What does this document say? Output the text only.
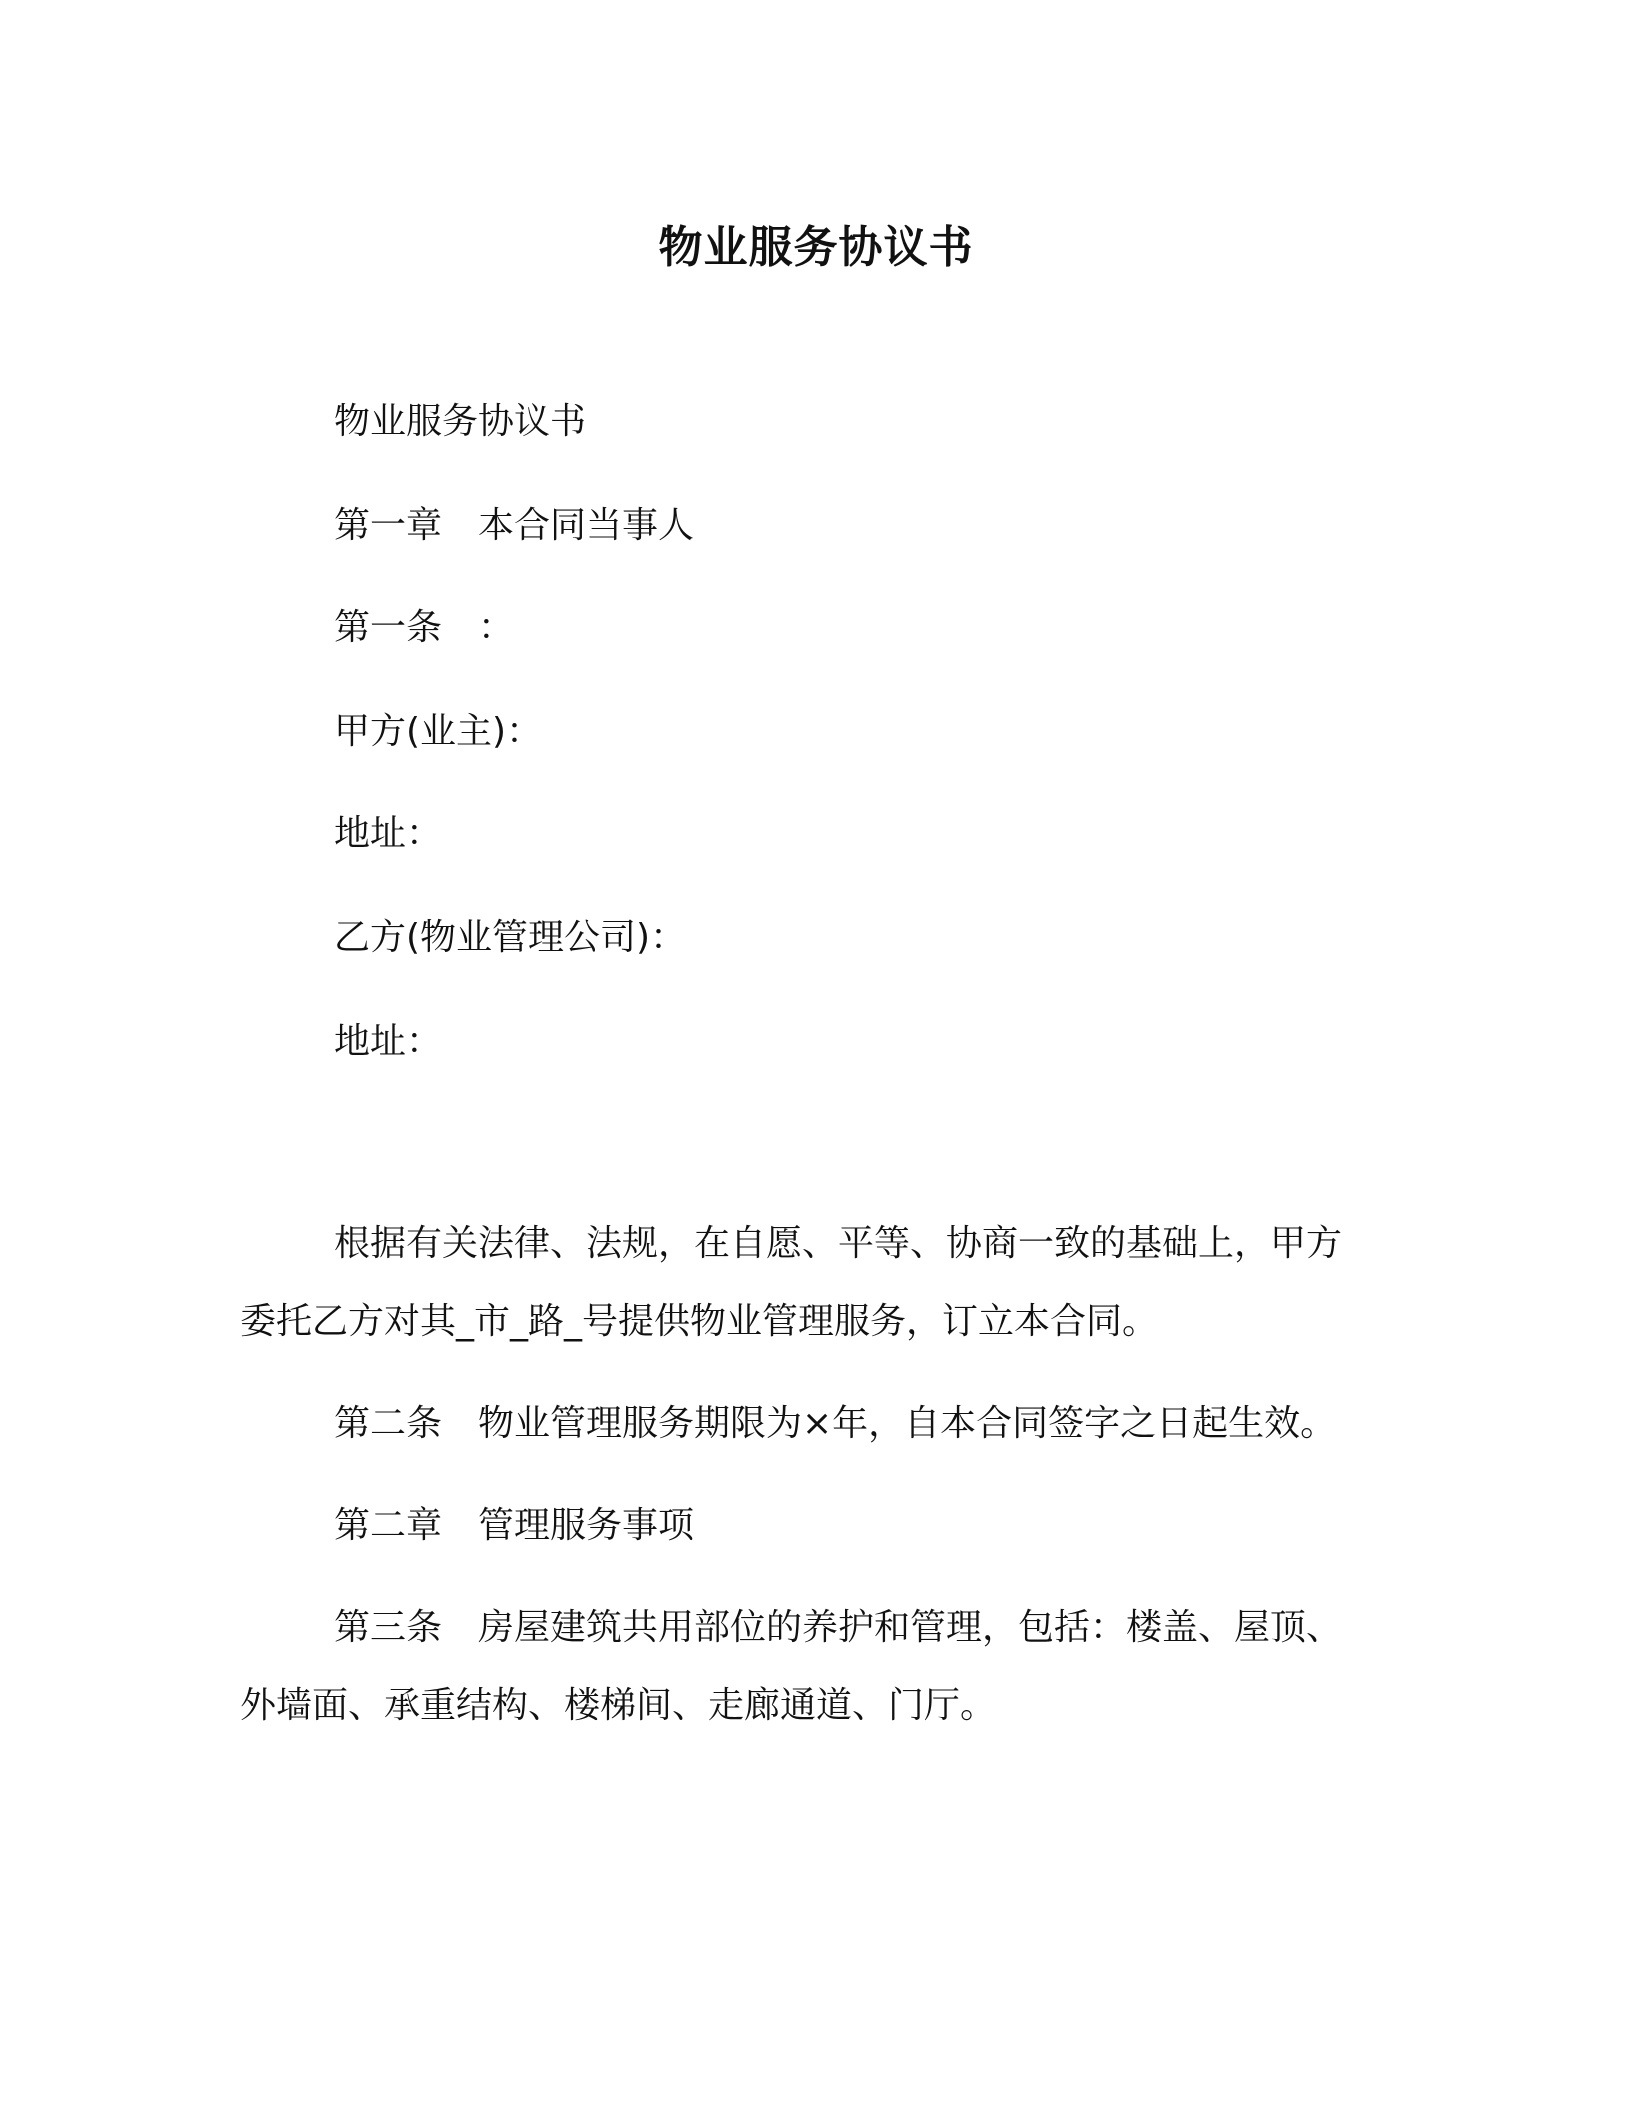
物业服务协议书
物业服务协议书
第一章　本合同当事人
第一条　：
甲方(业主)：
地址：
乙方(物业管理公司)：
地址：
根据有关法律、法规，在自愿、平等、协商一致的基础上，甲方
委托乙方对其_市_路_号提供物业管理服务，订立本合同。
第二条　物业管理服务期限为×年，自本合同签字之日起生效。
第二章　管理服务事项
第三条　房屋建筑共用部位的养护和管理，包括：楼盖、屋顶、
外墙面、承重结构、楼梯间、走廊通道、门厅。
